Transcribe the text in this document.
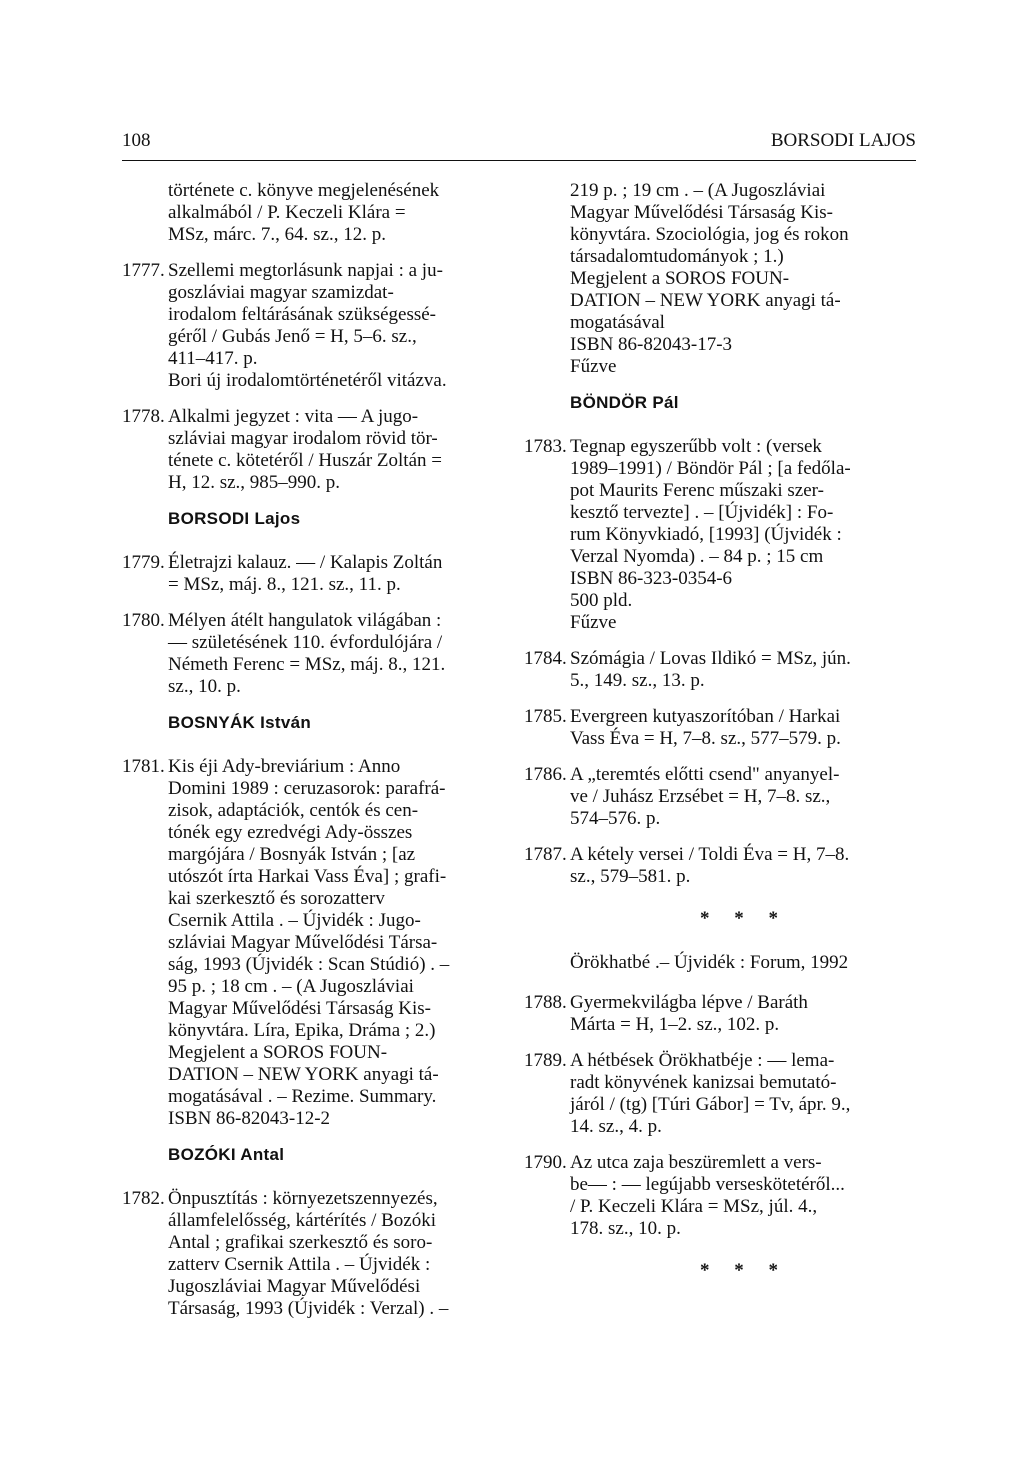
108	BORSODI LAJOS
története c. könyve megjelenésének
alkalmából / P. Keczeli Klára =
MSz, márc. 7., 64. sz., 12. p.
1777. Szellemi megtorlásunk napjai : a ju-
goszláviai magyar szamizdat-
irodalom feltárásának szükségessé-
géről / Gubás Jenő = H, 5–6. sz.,
411–417. p.
Bori új irodalomtörténetéről vitázva.
1778. Alkalmi jegyzet : vita — A jugo-
szláviai magyar irodalom rövid tör-
ténete c. kötetéről / Huszár Zoltán =
H, 12. sz., 985–990. p.
BORSODI Lajos
1779. Életrajzi kalauz. — / Kalapis Zoltán
= MSz, máj. 8., 121. sz., 11. p.
1780. Mélyen átélt hangulatok világában :
— születésének 110. évfordulójára /
Németh Ferenc = MSz, máj. 8., 121.
sz., 10. p.
BOSNYÁK István
1781. Kis éji Ady-breviárium : Anno
Domini 1989 : ceruzasorok: parafrá-
zisok, adaptációk, centók és cen-
tónék egy ezredvégi Ady-összes
margójára / Bosnyák István ; [az
utószót írta Harkai Vass Éva] ; grafi-
kai szerkesztő és sorozatterv
Csernik Attila . – Újvidék : Jugo-
szláviai Magyar Művelődési Társa-
ság, 1993 (Újvidék : Scan Stúdió) . –
95 p. ; 18 cm . – (A Jugoszláviai
Magyar Művelődési Társaság Kis-
könyvtára. Líra, Epika, Dráma ; 2.)
Megjelent a SOROS FOUN-
DATION – NEW YORK anyagi tá-
mogatásával . – Rezime. Summary.
ISBN 86-82043-12-2
BOZÓKI Antal
1782. Önpusztítás : környezetszennyezés,
államfelelősség, kártérítés / Bozóki
Antal ; grafikai szerkesztő és soro-
zatterv Csernik Attila . – Újvidék :
Jugoszláviai Magyar Művelődési
Társaság, 1993 (Újvidék : Verzal) . –
219 p. ; 19 cm . – (A Jugoszláviai
Magyar Művelődési Társaság Kis-
könyvtára. Szociológia, jog és rokon
társadalomtudományok ; 1.)
Megjelent a SOROS FOUN-
DATION – NEW YORK anyagi tá-
mogatásával
ISBN 86-82043-17-3
Fűzve
BÖNDÖR Pál
1783. Tegnap egyszerűbb volt : (versek
1989–1991) / Böndör Pál ; [a fedőla-
pot Maurits Ferenc műszaki szer-
kesztő tervezte] . – [Újvidék] : Fo-
rum Könyvkiadó, [1993] (Újvidék :
Verzal Nyomda) . – 84 p. ; 15 cm
ISBN 86-323-0354-6
500 pld.
Fűzve
1784. Szómágia / Lovas Ildikó = MSz, jún.
5., 149. sz., 13. p.
1785. Evergreen kutyaszorítóban / Harkai
Vass Éva = H, 7–8. sz., 577–579. p.
1786. A „teremtés előtti csend" anyanyel-
ve / Juhász Erzsébet = H, 7–8. sz.,
574–576. p.
1787. A kétely versei / Toldi Éva = H, 7–8.
sz., 579–581. p.
* * *
Örökhatbé .– Újvidék : Forum, 1992
1788. Gyermekvilágba lépve / Baráth
Márta = H, 1–2. sz., 102. p.
1789. A hétbések Örökhatbéje : — lema-
radt könyvének kanizsai bemutató-
járól / (tg) [Túri Gábor] = Tv, ápr. 9.,
14. sz., 4. p.
1790. Az utca zaja beszüremlett a vers-
be— : — legújabb verseskötetéről...
/ P. Keczeli Klára = MSz, júl. 4.,
178. sz., 10. p.
* * *
